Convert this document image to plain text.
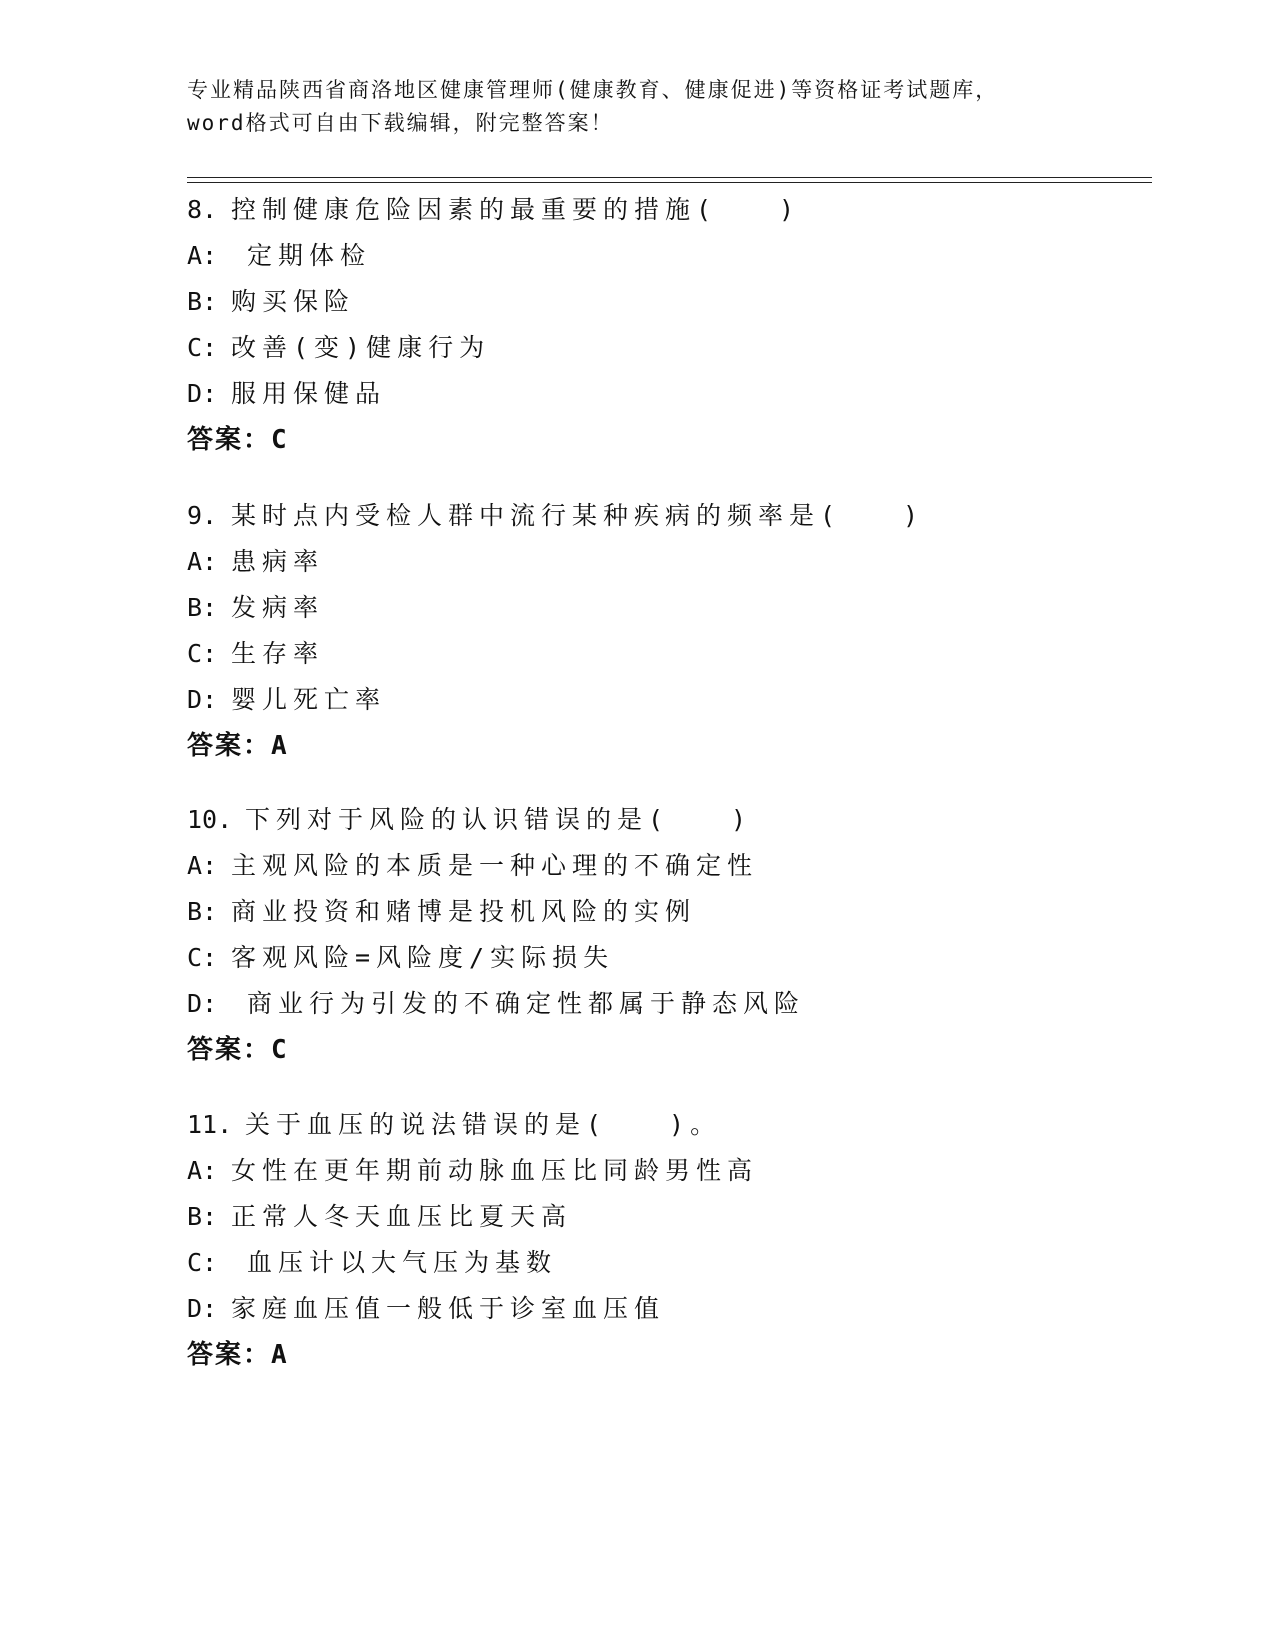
专业精品陕西省商洛地区健康管理师(健康教育、健康促进)等资格证考试题库，
word格式可自由下载编辑，附完整答案！
8. 控制健康危险因素的最重要的措施(　　)
A: 定期体检
B: 购买保险
C: 改善(变)健康行为
D: 服用保健品
答案：C
9. 某时点内受检人群中流行某种疾病的频率是(　　)
A: 患病率
B: 发病率
C: 生存率
D: 婴儿死亡率
答案：A
10. 下列对于风险的认识错误的是(　　)
A: 主观风险的本质是一种心理的不确定性
B: 商业投资和赌博是投机风险的实例
C: 客观风险=风险度/实际损失
D: 商业行为引发的不确定性都属于静态风险
答案：C
11. 关于血压的说法错误的是(　　)。
A: 女性在更年期前动脉血压比同龄男性高
B: 正常人冬天血压比夏天高
C: 血压计以大气压为基数
D: 家庭血压值一般低于诊室血压值
答案：A
